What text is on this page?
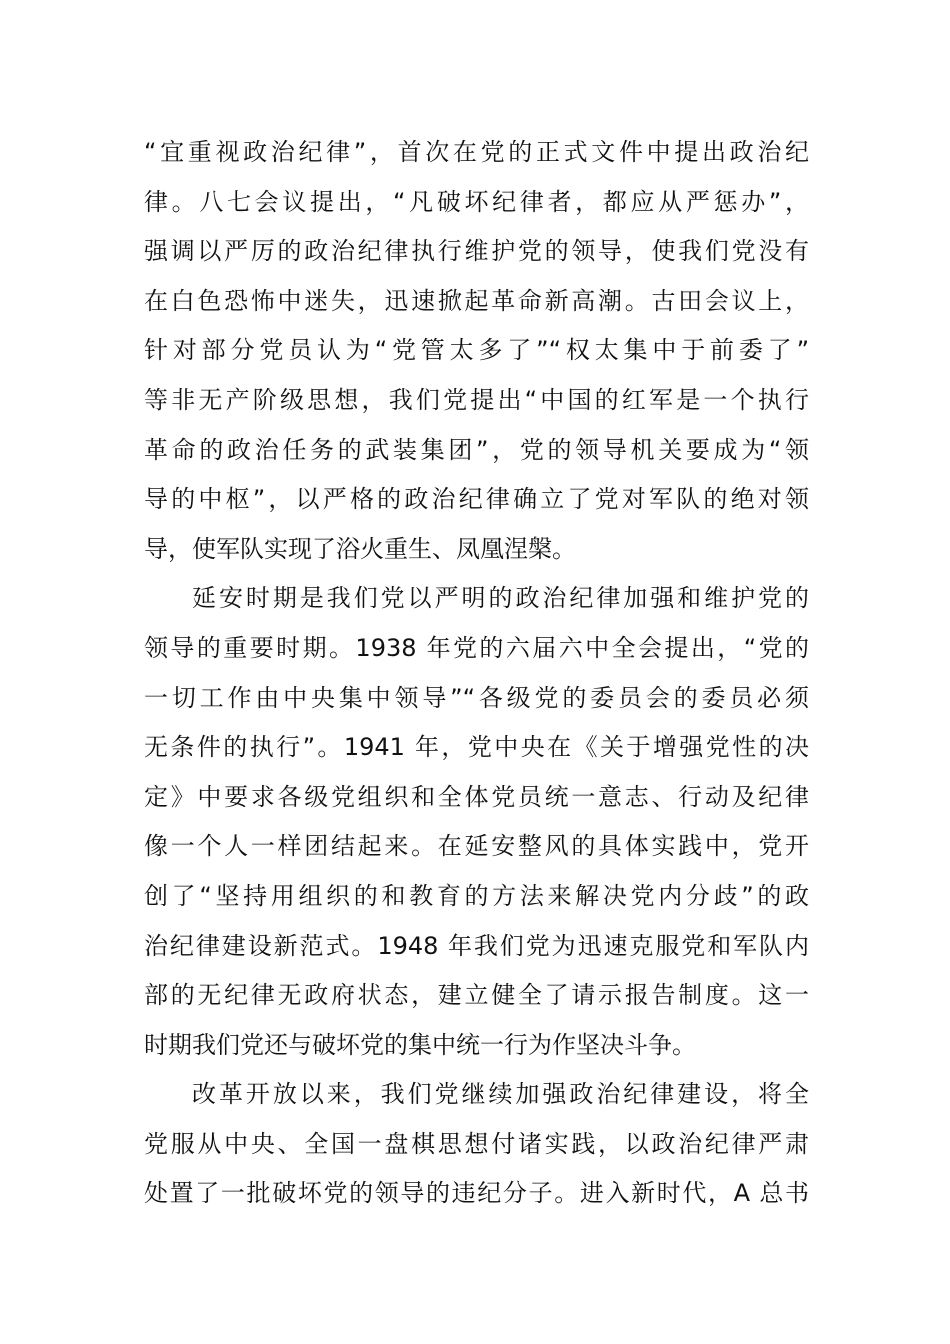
“宜重视政治纪律”，首次在党的正式文件中提出政治纪
律。八七会议提出，“凡破坏纪律者，都应从严惩办”，
强调以严厉的政治纪律执行维护党的领导，使我们党没有
在白色恐怖中迷失，迅速掀起革命新高潮。古田会议上，
针对部分党员认为“党管太多了”“权太集中于前委了”
等非无产阶级思想，我们党提出“中国的红军是一个执行
革命的政治任务的武装集团”，党的领导机关要成为“领
导的中枢”，以严格的政治纪律确立了党对军队的绝对领
导，使军队实现了浴火重生、凤凰涅槃。
延安时期是我们党以严明的政治纪律加强和维护党的
领导的重要时期。1938 年党的六届六中全会提出，“党的
一切工作由中央集中领导”“各级党的委员会的委员必须
无条件的执行”。1941 年，党中央在《关于增强党性的决
定》中要求各级党组织和全体党员统一意志、行动及纪律
像一个人一样团结起来。在延安整风的具体实践中，党开
创了“坚持用组织的和教育的方法来解决党内分歧”的政
治纪律建设新范式。1948 年我们党为迅速克服党和军队内
部的无纪律无政府状态，建立健全了请示报告制度。这一
时期我们党还与破坏党的集中统一行为作坚决斗争。
改革开放以来，我们党继续加强政治纪律建设，将全
党服从中央、全国一盘棋思想付诸实践，以政治纪律严肃
处置了一批破坏党的领导的违纪分子。进入新时代，A 总书
